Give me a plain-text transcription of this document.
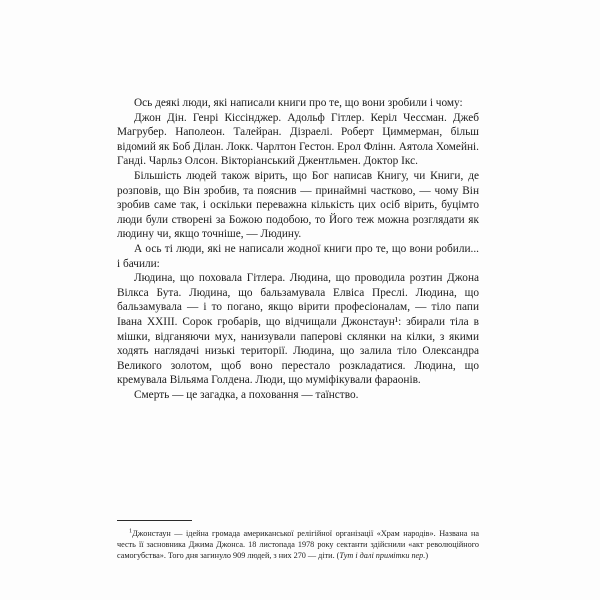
Ось деякі люди, які написали книги про те, що вони зробили і чому:

Джон Дін. Генрі Кіссінджер. Адольф Гітлер. Керіл Чессман. Джеб Магрубер. Наполеон. Талейран. Дізраелі. Роберт Циммерман, більш відомий як Боб Ділан. Локк. Чарлтон Гестон. Ерол Флінн. Аятола Хомейні. Ганді. Чарльз Олсон. Вікторіанський Джентльмен. Доктор Ікс.

Більшість людей також вірить, що Бог написав Книгу, чи Книги, де розповів, що Він зробив, та пояснив — принаймні частково, — чому Він зробив саме так, і оскільки переважна кількість цих осіб вірить, буцімто люди були створені за Божою подобою, то Його теж можна розглядати як людину чи, якщо точніше, — Людину.

А ось ті люди, які не написали жодної книги про те, що вони робили... і бачили:

Людина, що поховала Гітлера. Людина, що проводила розтин Джона Вілкса Бута. Людина, що бальзамувала Елвіса Преслі. Людина, що бальзамувала — і то погано, якщо вірити професіоналам, — тіло папи Івана ХХІІІ. Сорок гробарів, що відчищали Джонстаун¹: збирали тіла в мішки, відганяючи мух, нанизували паперові склянки на кілки, з якими ходять наглядачі низькі території. Людина, що залила тіло Олександра Великого золотом, щоб воно перестало розкладатися. Людина, що кремувала Вільяма Голдена. Люди, що муміфікували фараонів.

Смерть — це загадка, а поховання — таїнство.

$^1$Джонстаун — ідейна громада американської релігійної організації «Храм народів». Названа на честь її засновника Джима Джонса. 18 листопада 1978 року сектанти здійснили «акт революційного самогубства». Того дня загинуло 909 людей, з них 270 — діти. (Тут і далі примітки пер.)
